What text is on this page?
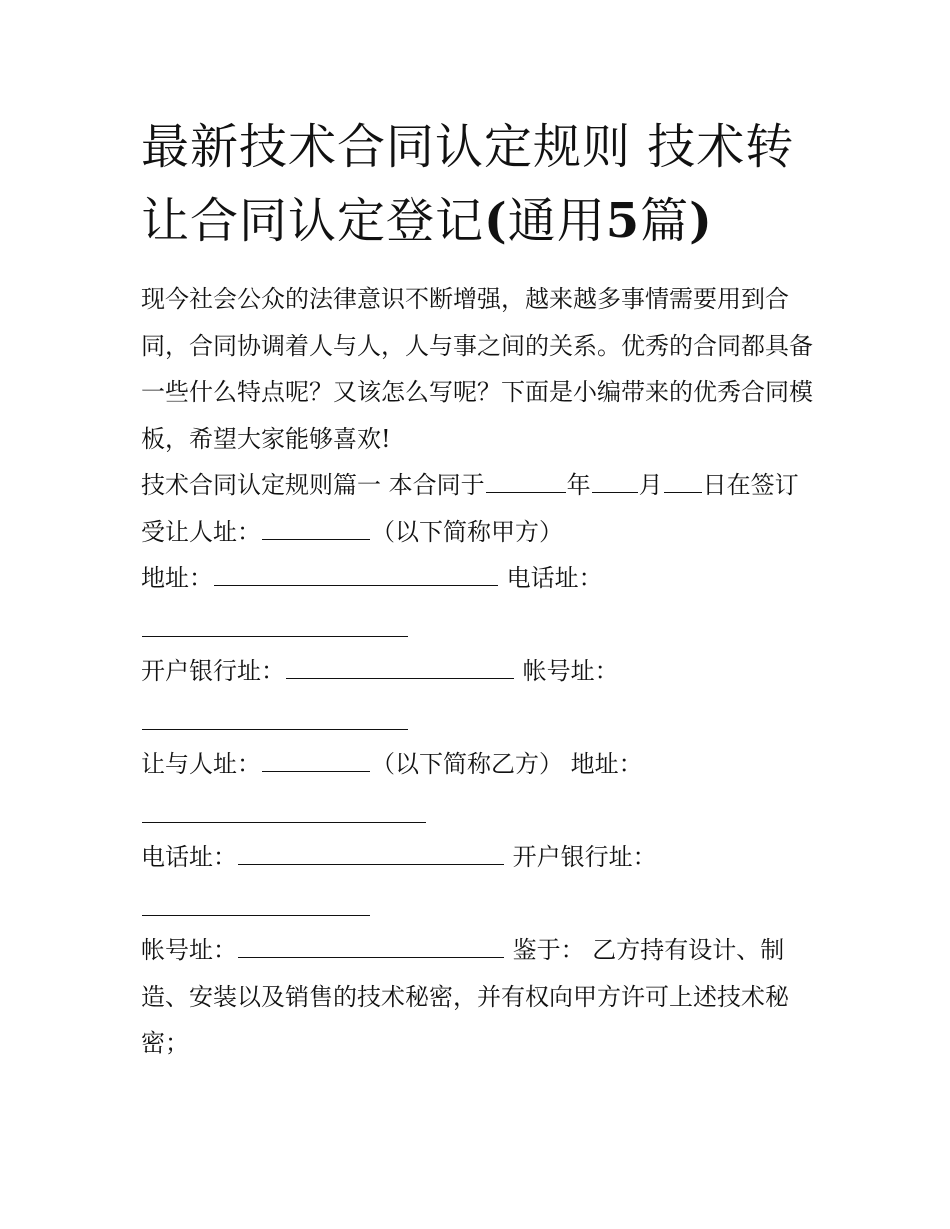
最新技术合同认定规则 技术转
让合同认定登记(通用5篇)

现今社会公众的法律意识不断增强，越来越多事情需要用到合同，合同协调着人与人，人与事之间的关系。优秀的合同都具备一些什么特点呢？又该怎么写呢？下面是小编带来的优秀合同模板，希望大家能够喜欢!

技术合同认定规则篇一 本合同于	年 月 日在签订

受让人址：	（以下简称甲方）

地址：	电话址：

开户银行址：	帐号址：

让与人址：	（以下简称乙方） 地址：

电话址：	开户银行址：

帐号址：	鉴于： 乙方持有设计、制

造、安装以及销售的技术秘密，并有权向甲方许可上述技术秘

密；
